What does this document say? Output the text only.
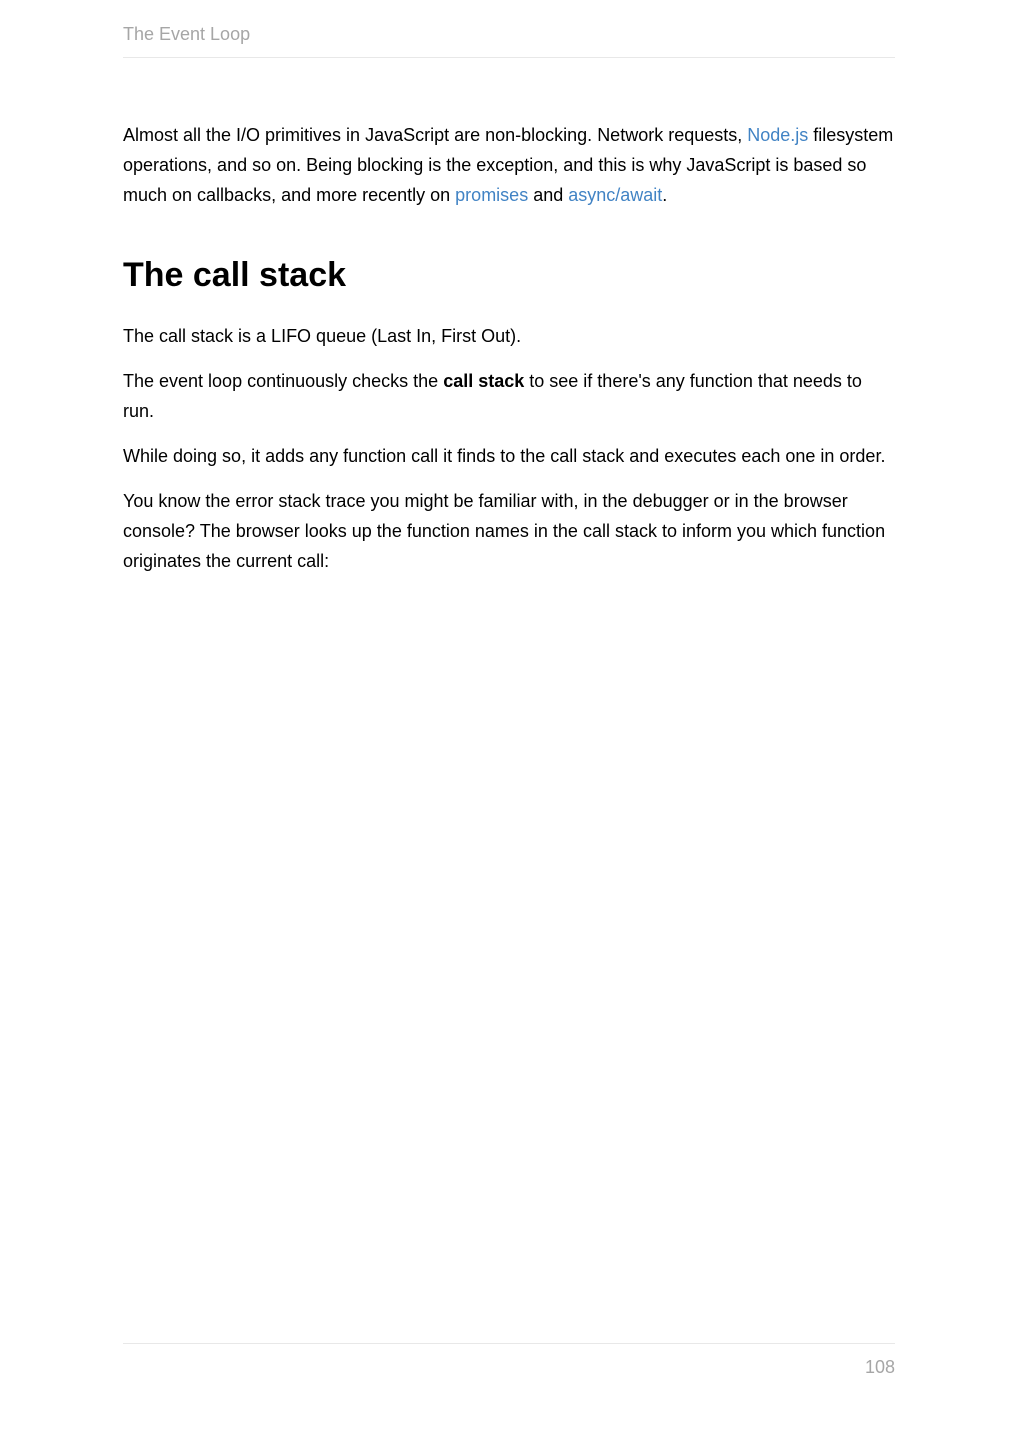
The Event Loop

Almost all the I/O primitives in JavaScript are non-blocking. Network requests, Node.js filesystem operations, and so on. Being blocking is the exception, and this is why JavaScript is based so much on callbacks, and more recently on promises and async/await.

The call stack

The call stack is a LIFO queue (Last In, First Out).

The event loop continuously checks the call stack to see if there's any function that needs to run.

While doing so, it adds any function call it finds to the call stack and executes each one in order.

You know the error stack trace you might be familiar with, in the debugger or in the browser console? The browser looks up the function names in the call stack to inform you which function originates the current call:

108
